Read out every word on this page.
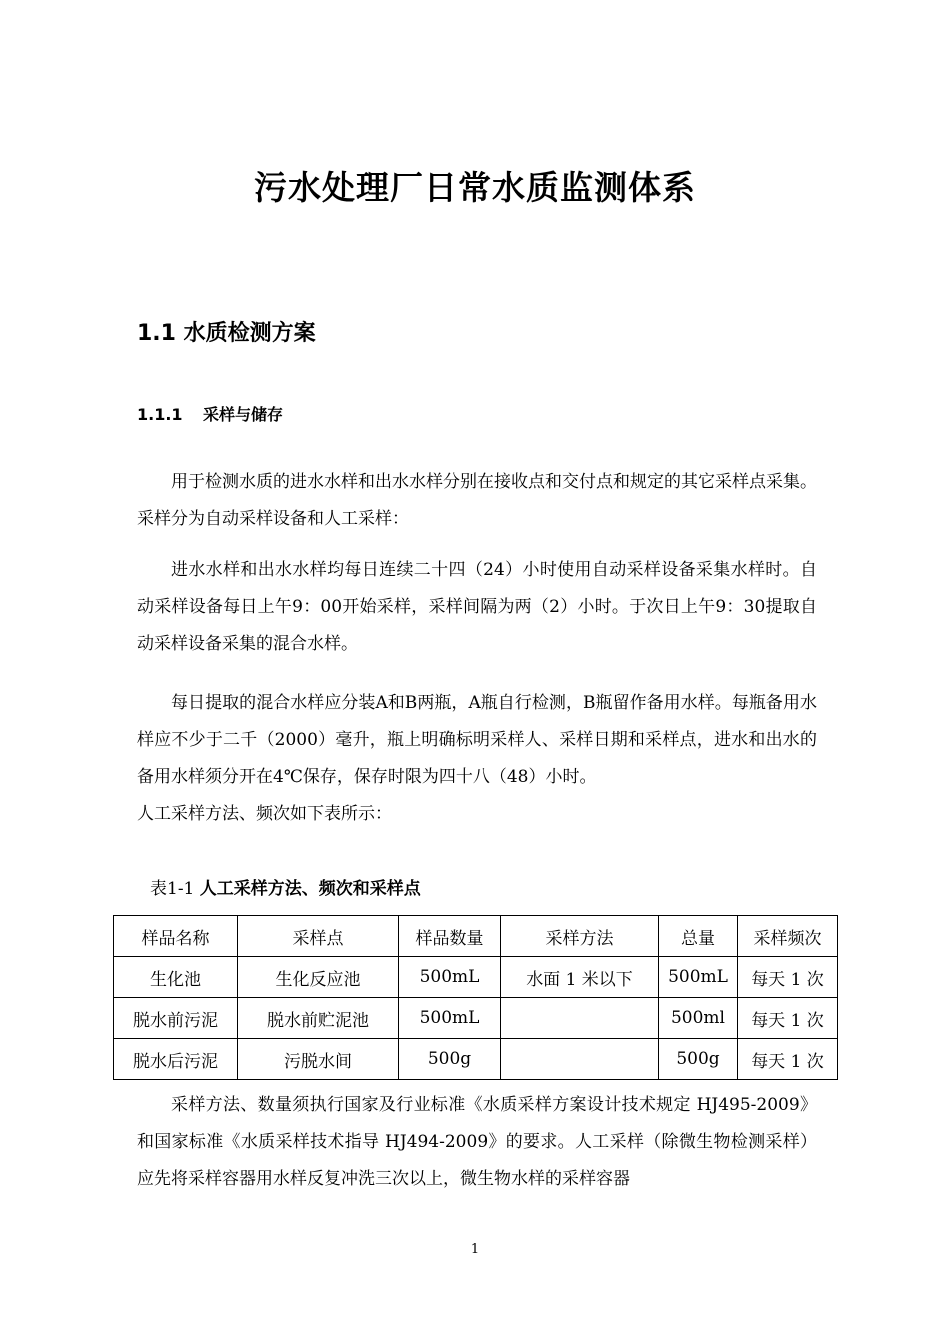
污水处理厂日常水质监测体系
1.1 水质检测方案
1.1.1 采样与储存

用于检测水质的进水水样和出水水样分别在接收点和交付点和规定的其它采样点采集。采样分为自动采样设备和人工采样：

进水水样和出水水样均每日连续二十四（24）小时使用自动采样设备采集水样时。自动采样设备每日上午9：00开始采样，采样间隔为两（2）小时。于次日上午9：30提取自动采样设备采集的混合水样。

每日提取的混合水样应分装A和B两瓶，A瓶自行检测，B瓶留作备用水样。每瓶备用水样应不少于二千（2000）毫升，瓶上明确标明采样人、采样日期和采样点，进水和出水的备用水样须分开在4℃保存，保存时限为四十八（48）小时。
人工采样方法、频次如下表所示：

表1-1 人工采样方法、频次和采样点

样品名称	采样点	样品数量	采样方法	总量	采样频次
生化池	生化反应池	500mL	水面 1 米以下	500mL	每天 1 次
脱水前污泥	脱水前贮泥池	500mL		500ml	每天 1 次
脱水后污泥	污脱水间	500g		500g	每天 1 次

采样方法、数量须执行国家及行业标准《水质采样方案设计技术规定 HJ495-2009》和国家标准《水质采样技术指导 HJ494-2009》的要求。人工采样（除微生物检测采样）应先将采样容器用水样反复冲洗三次以上，微生物水样的采样容器

1
